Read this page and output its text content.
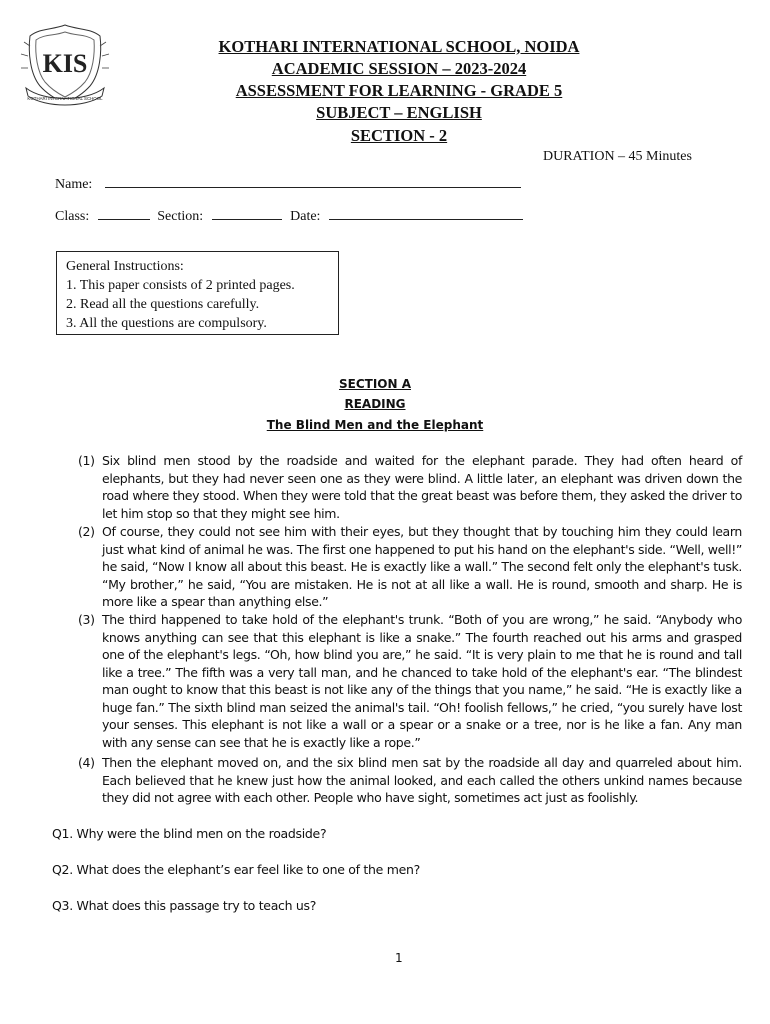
KIS
KOTHARI INTERNATIONAL SCHOOL
KOTHARI INTERNATIONAL SCHOOL, NOIDA
ACADEMIC SESSION – 2023-2024
ASSESSMENT FOR LEARNING - GRADE 5
SUBJECT – ENGLISH
SECTION - 2
DURATION – 45 Minutes
Name:
Class:	Section:	Date:
General Instructions:
1. This paper consists of 2 printed pages.
2. Read all the questions carefully.
3. All the questions are compulsory.
SECTION A
READING
The Blind Men and the Elephant
(1) Six blind men stood by the roadside and waited for the elephant parade. They had often heard of elephants, but they had never seen one as they were blind. A little later, an elephant was driven down the road where they stood. When they were told that the great beast was before them, they asked the driver to let him stop so that they might see him.
(2) Of course, they could not see him with their eyes, but they thought that by touching him they could learn just what kind of animal he was. The first one happened to put his hand on the elephant's side. “Well, well!” he said, “Now I know all about this beast. He is exactly like a wall.” The second felt only the elephant's tusk. “My brother,” he said, “You are mistaken. He is not at all like a wall. He is round, smooth and sharp. He is more like a spear than anything else.”
(3) The third happened to take hold of the elephant's trunk. “Both of you are wrong,” he said. “Anybody who knows anything can see that this elephant is like a snake.” The fourth reached out his arms and grasped one of the elephant's legs. “Oh, how blind you are,” he said. “It is very plain to me that he is round and tall like a tree.” The fifth was a very tall man, and he chanced to take hold of the elephant's ear. “The blindest man ought to know that this beast is not like any of the things that you name,” he said. “He is exactly like a huge fan.” The sixth blind man seized the animal's tail. “Oh! foolish fellows,” he cried, “you surely have lost your senses. This elephant is not like a wall or a spear or a snake or a tree, nor is he like a fan. Any man with any sense can see that he is exactly like a rope.”
(4) Then the elephant moved on, and the six blind men sat by the roadside all day and quarreled about him. Each believed that he knew just how the animal looked, and each called the others unkind names because they did not agree with each other. People who have sight, sometimes act just as foolishly.
Q1. Why were the blind men on the roadside?
Q2. What does the elephant’s ear feel like to one of the men?
Q3. What does this passage try to teach us?
1
